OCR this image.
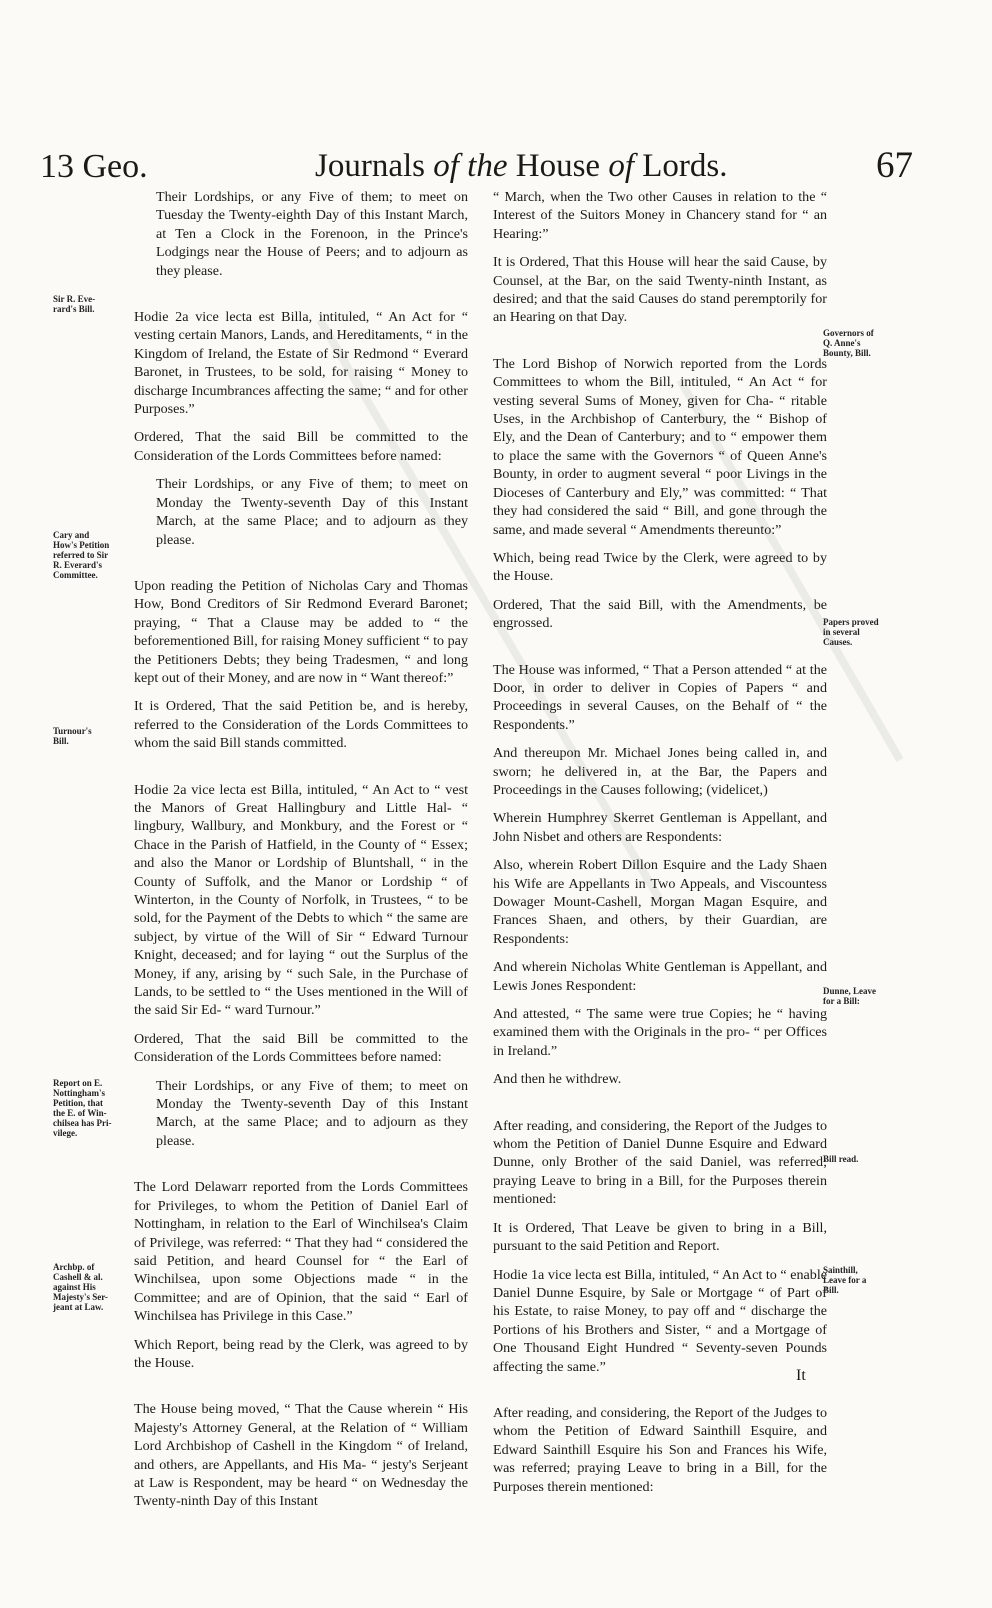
13 Geo.	Journals of the House of Lords.	67

Their Lordships, or any Five of them; to meet on Tuesday the Twenty-eighth Day of this Instant March, at Ten a Clock in the Forenoon, in the Prince's Lodgings near the House of Peers; and to adjourn as they please.

Hodie 2a vice lecta est Billa, intituled, “ An Act for “ vesting certain Manors, Lands, and Hereditaments, “ in the Kingdom of Ireland, the Estate of Sir Redmond “ Everard Baronet, in Trustees, to be sold, for raising “ Money to discharge Incumbrances affecting the same; “ and for other Purposes.”

Ordered, That the said Bill be committed to the Consideration of the Lords Committees before named:

Their Lordships, or any Five of them; to meet on Monday the Twenty-seventh Day of this Instant March, at the same Place; and to adjourn as they please.

Upon reading the Petition of Nicholas Cary and Thomas How, Bond Creditors of Sir Redmond Everard Baronet; praying, “ That a Clause may be added to “ the beforementioned Bill, for raising Money sufficient “ to pay the Petitioners Debts; they being Tradesmen, “ and long kept out of their Money, and are now in “ Want thereof:”

It is Ordered, That the said Petition be, and is hereby, referred to the Consideration of the Lords Committees to whom the said Bill stands committed.

Hodie 2a vice lecta est Billa, intituled, “ An Act to “ vest the Manors of Great Hallingbury and Little Hal- “ lingbury, Wallbury, and Monkbury, and the Forest or “ Chace in the Parish of Hatfield, in the County of “ Essex; and also the Manor or Lordship of Bluntshall, “ in the County of Suffolk, and the Manor or Lordship “ of Winterton, in the County of Norfolk, in Trustees, “ to be sold, for the Payment of the Debts to which “ the same are subject, by virtue of the Will of Sir “ Edward Turnour Knight, deceased; and for laying “ out the Surplus of the Money, if any, arising by “ such Sale, in the Purchase of Lands, to be settled to “ the Uses mentioned in the Will of the said Sir Ed- “ ward Turnour.”

Ordered, That the said Bill be committed to the Consideration of the Lords Committees before named:

Their Lordships, or any Five of them; to meet on Monday the Twenty-seventh Day of this Instant March, at the same Place; and to adjourn as they please.

The Lord Delawarr reported from the Lords Committees for Privileges, to whom the Petition of Daniel Earl of Nottingham, in relation to the Earl of Winchilsea's Claim of Privilege, was referred: “ That they had “ considered the said Petition, and heard Counsel for “ the Earl of Winchilsea, upon some Objections made “ in the Committee; and are of Opinion, that the said “ Earl of Winchilsea has Privilege in this Case.”

Which Report, being read by the Clerk, was agreed to by the House.

The House being moved, “ That the Cause wherein “ His Majesty's Attorney General, at the Relation of “ William Lord Archbishop of Cashell in the Kingdom “ of Ireland, and others, are Appellants, and His Ma- “ jesty's Serjeant at Law is Respondent, may be heard “ on Wednesday the Twenty-ninth Day of this Instant

“ March, when the Two other Causes in relation to the “ Interest of the Suitors Money in Chancery stand for “ an Hearing:”

It is Ordered, That this House will hear the said Cause, by Counsel, at the Bar, on the said Twenty-ninth Instant, as desired; and that the said Causes do stand peremptorily for an Hearing on that Day.

The Lord Bishop of Norwich reported from the Lords Committees to whom the Bill, intituled, “ An Act “ for vesting several Sums of Money, given for Cha- “ ritable Uses, in the Archbishop of Canterbury, the “ Bishop of Ely, and the Dean of Canterbury; and to “ empower them to place the same with the Governors “ of Queen Anne's Bounty, in order to augment several “ poor Livings in the Dioceses of Canterbury and Ely,” was committed: “ That they had considered the said “ Bill, and gone through the same, and made several “ Amendments thereunto:”

Which, being read Twice by the Clerk, were agreed to by the House.

Ordered, That the said Bill, with the Amendments, be engrossed.

The House was informed, “ That a Person attended “ at the Door, in order to deliver in Copies of Papers “ and Proceedings in several Causes, on the Behalf of “ the Respondents.”

And thereupon Mr. Michael Jones being called in, and sworn; he delivered in, at the Bar, the Papers and Proceedings in the Causes following; (videlicet,)

Wherein Humphrey Skerret Gentleman is Appellant, and John Nisbet and others are Respondents:

Also, wherein Robert Dillon Esquire and the Lady Shaen his Wife are Appellants in Two Appeals, and Viscountess Dowager Mount-Cashell, Morgan Magan Esquire, and Frances Shaen, and others, by their Guardian, are Respondents:

And wherein Nicholas White Gentleman is Appellant, and Lewis Jones Respondent:

And attested, “ The same were true Copies; he “ having examined them with the Originals in the pro- “ per Offices in Ireland.”

And then he withdrew.

After reading, and considering, the Report of the Judges to whom the Petition of Daniel Dunne Esquire and Edward Dunne, only Brother of the said Daniel, was referred; praying Leave to bring in a Bill, for the Purposes therein mentioned:

It is Ordered, That Leave be given to bring in a Bill, pursuant to the said Petition and Report.

Hodie 1a vice lecta est Billa, intituled, “ An Act to “ enable Daniel Dunne Esquire, by Sale or Mortgage “ of Part of his Estate, to raise Money, to pay off and “ discharge the Portions of his Brothers and Sister, “ and a Mortgage of One Thousand Eight Hundred “ Seventy-seven Pounds affecting the same.”

After reading, and considering, the Report of the Judges to whom the Petition of Edward Sainthill Esquire, and Edward Sainthill Esquire his Son and Frances his Wife, was referred; praying Leave to bring in a Bill, for the Purposes therein mentioned:

Sir R. Eve-
rard's Bill.
Cary and
How's Petition
referred to Sir
R. Everard's
Committee.
Turnour's
Bill.
Report on E.
Nottingham's
Petition, that
the E. of Win-
chilsea has Pri-
vilege.
Archbp. of
Cashell & al.
against His
Majesty's Ser-
jeant at Law.
Governors of
Q. Anne's
Bounty, Bill.
Papers proved
in several
Causes.
Dunne, Leave
for a Bill:
Bill read.
Sainthill,
Leave for a
Bill.
It
